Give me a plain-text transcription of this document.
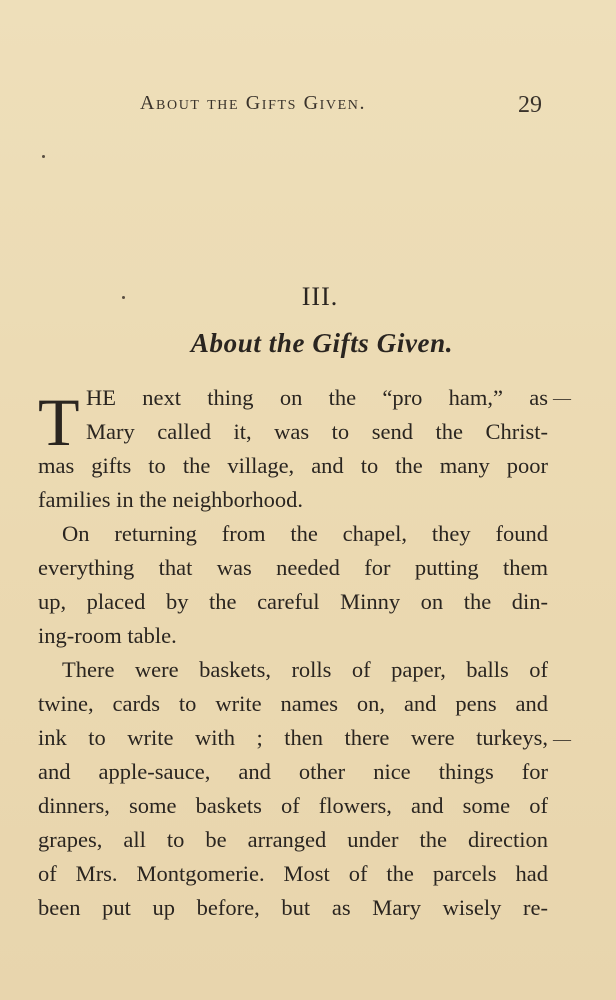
About the Gifts Given.	29
III.
About the Gifts Given.
T HE next thing on the “pro ham,” as
Mary called it, was to send the Christ-
mas gifts to the village, and to the many poor
families in the neighborhood.
On returning from the chapel, they found
everything that was needed for putting them
up, placed by the careful Minny on the din-
ing-room table.
There were baskets, rolls of paper, balls of
twine, cards to write names on, and pens and
ink to write with ; then there were turkeys,
and apple-sauce, and other nice things for
dinners, some baskets of flowers, and some of
grapes, all to be arranged under the direction
of Mrs. Montgomerie. Most of the parcels had
been put up before, but as Mary wisely re-
—
—
